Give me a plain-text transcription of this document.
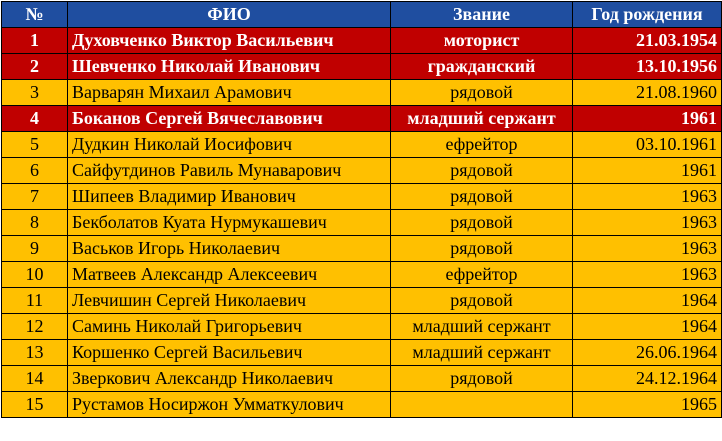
№	ФИО	Звание	Год рождения
1	Духовченко Виктор Васильевич	моторист	21.03.1954
2	Шевченко Николай Иванович	гражданский	13.10.1956
3	Варварян Михаил Арамович	рядовой	21.08.1960
4	Боканов Сергей Вячеславович	младший сержант	1961
5	Дудкин Николай Иосифович	ефрейтор	03.10.1961
6	Сайфутдинов Равиль Мунаварович	рядовой	1961
7	Шипеев Владимир Иванович	рядовой	1963
8	Бекболатов Куата Нурмукашевич	рядовой	1963
9	Васьков Игорь Николаевич	рядовой	1963
10	Матвеев Александр Алексеевич	ефрейтор	1963
11	Левчишин Сергей Николаевич	рядовой	1964
12	Саминь Николай Григорьевич	младший сержант	1964
13	Коршенко Сергей Васильевич	младший сержант	26.06.1964
14	Зверкович Александр Николаевич	рядовой	24.12.1964
15	Рустамов Носиржон Умматкулович		1965
